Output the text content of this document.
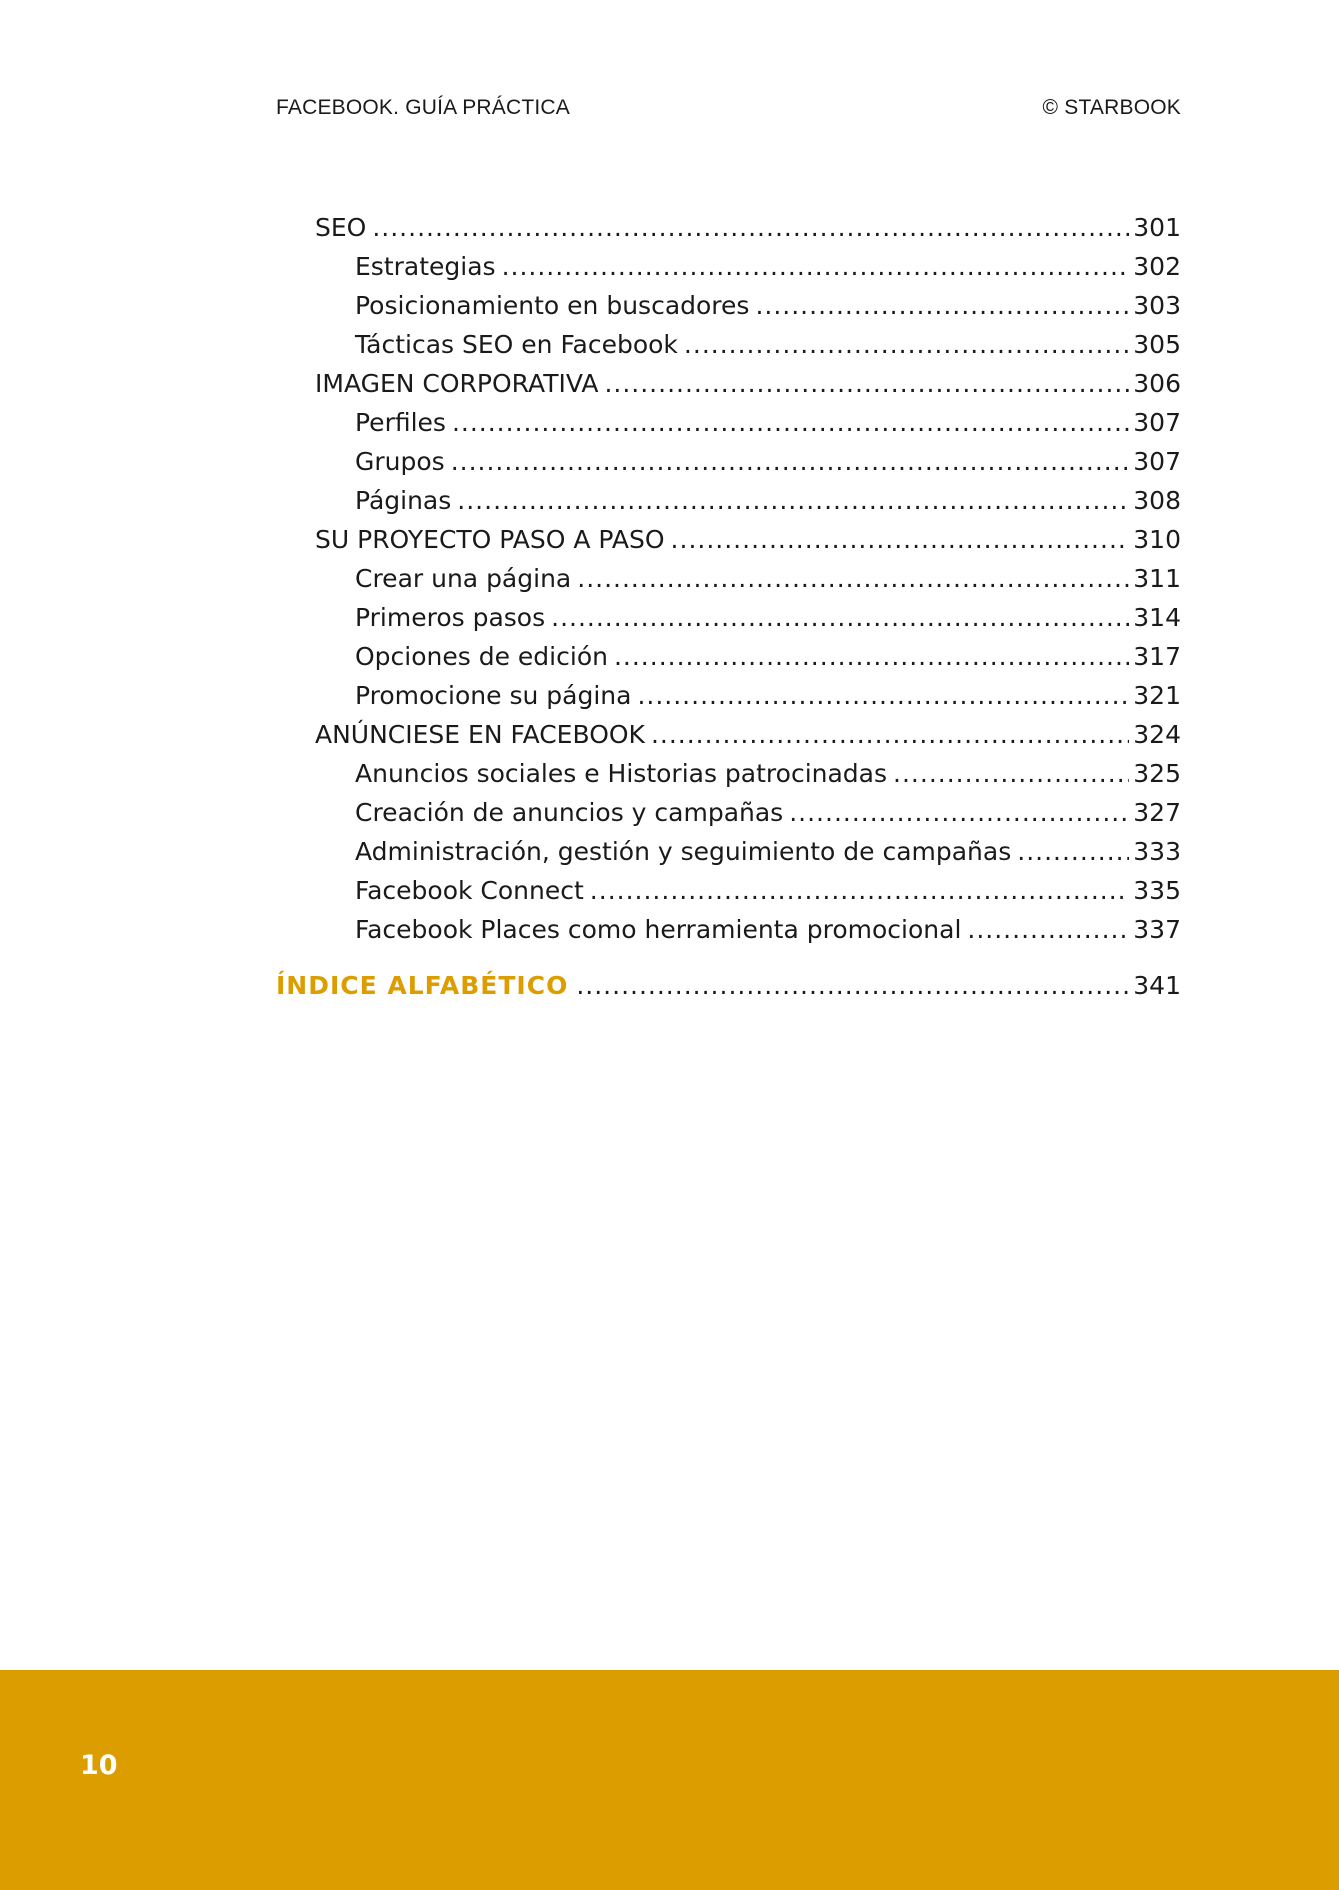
FACEBOOK. GUÍA PRÁCTICA	© STARBOOK
SEO .....	301
Estrategias .....	302
Posicionamiento en buscadores .....	303
Tácticas SEO en Facebook .....	305
IMAGEN CORPORATIVA .....	306
Perfiles .....	307
Grupos .....	307
Páginas .....	308
SU PROYECTO PASO A PASO .....	310
Crear una página .....	311
Primeros pasos .....	314
Opciones de edición .....	317
Promocione su página .....	321
ANÚNCIESE EN FACEBOOK .....	324
Anuncios sociales e Historias patrocinadas .....	325
Creación de anuncios y campañas .....	327
Administración, gestión y seguimiento de campañas .....	333
Facebook Connect .....	335
Facebook Places como herramienta promocional .....	337
ÍNDICE ALFABÉTICO .....	341
10
